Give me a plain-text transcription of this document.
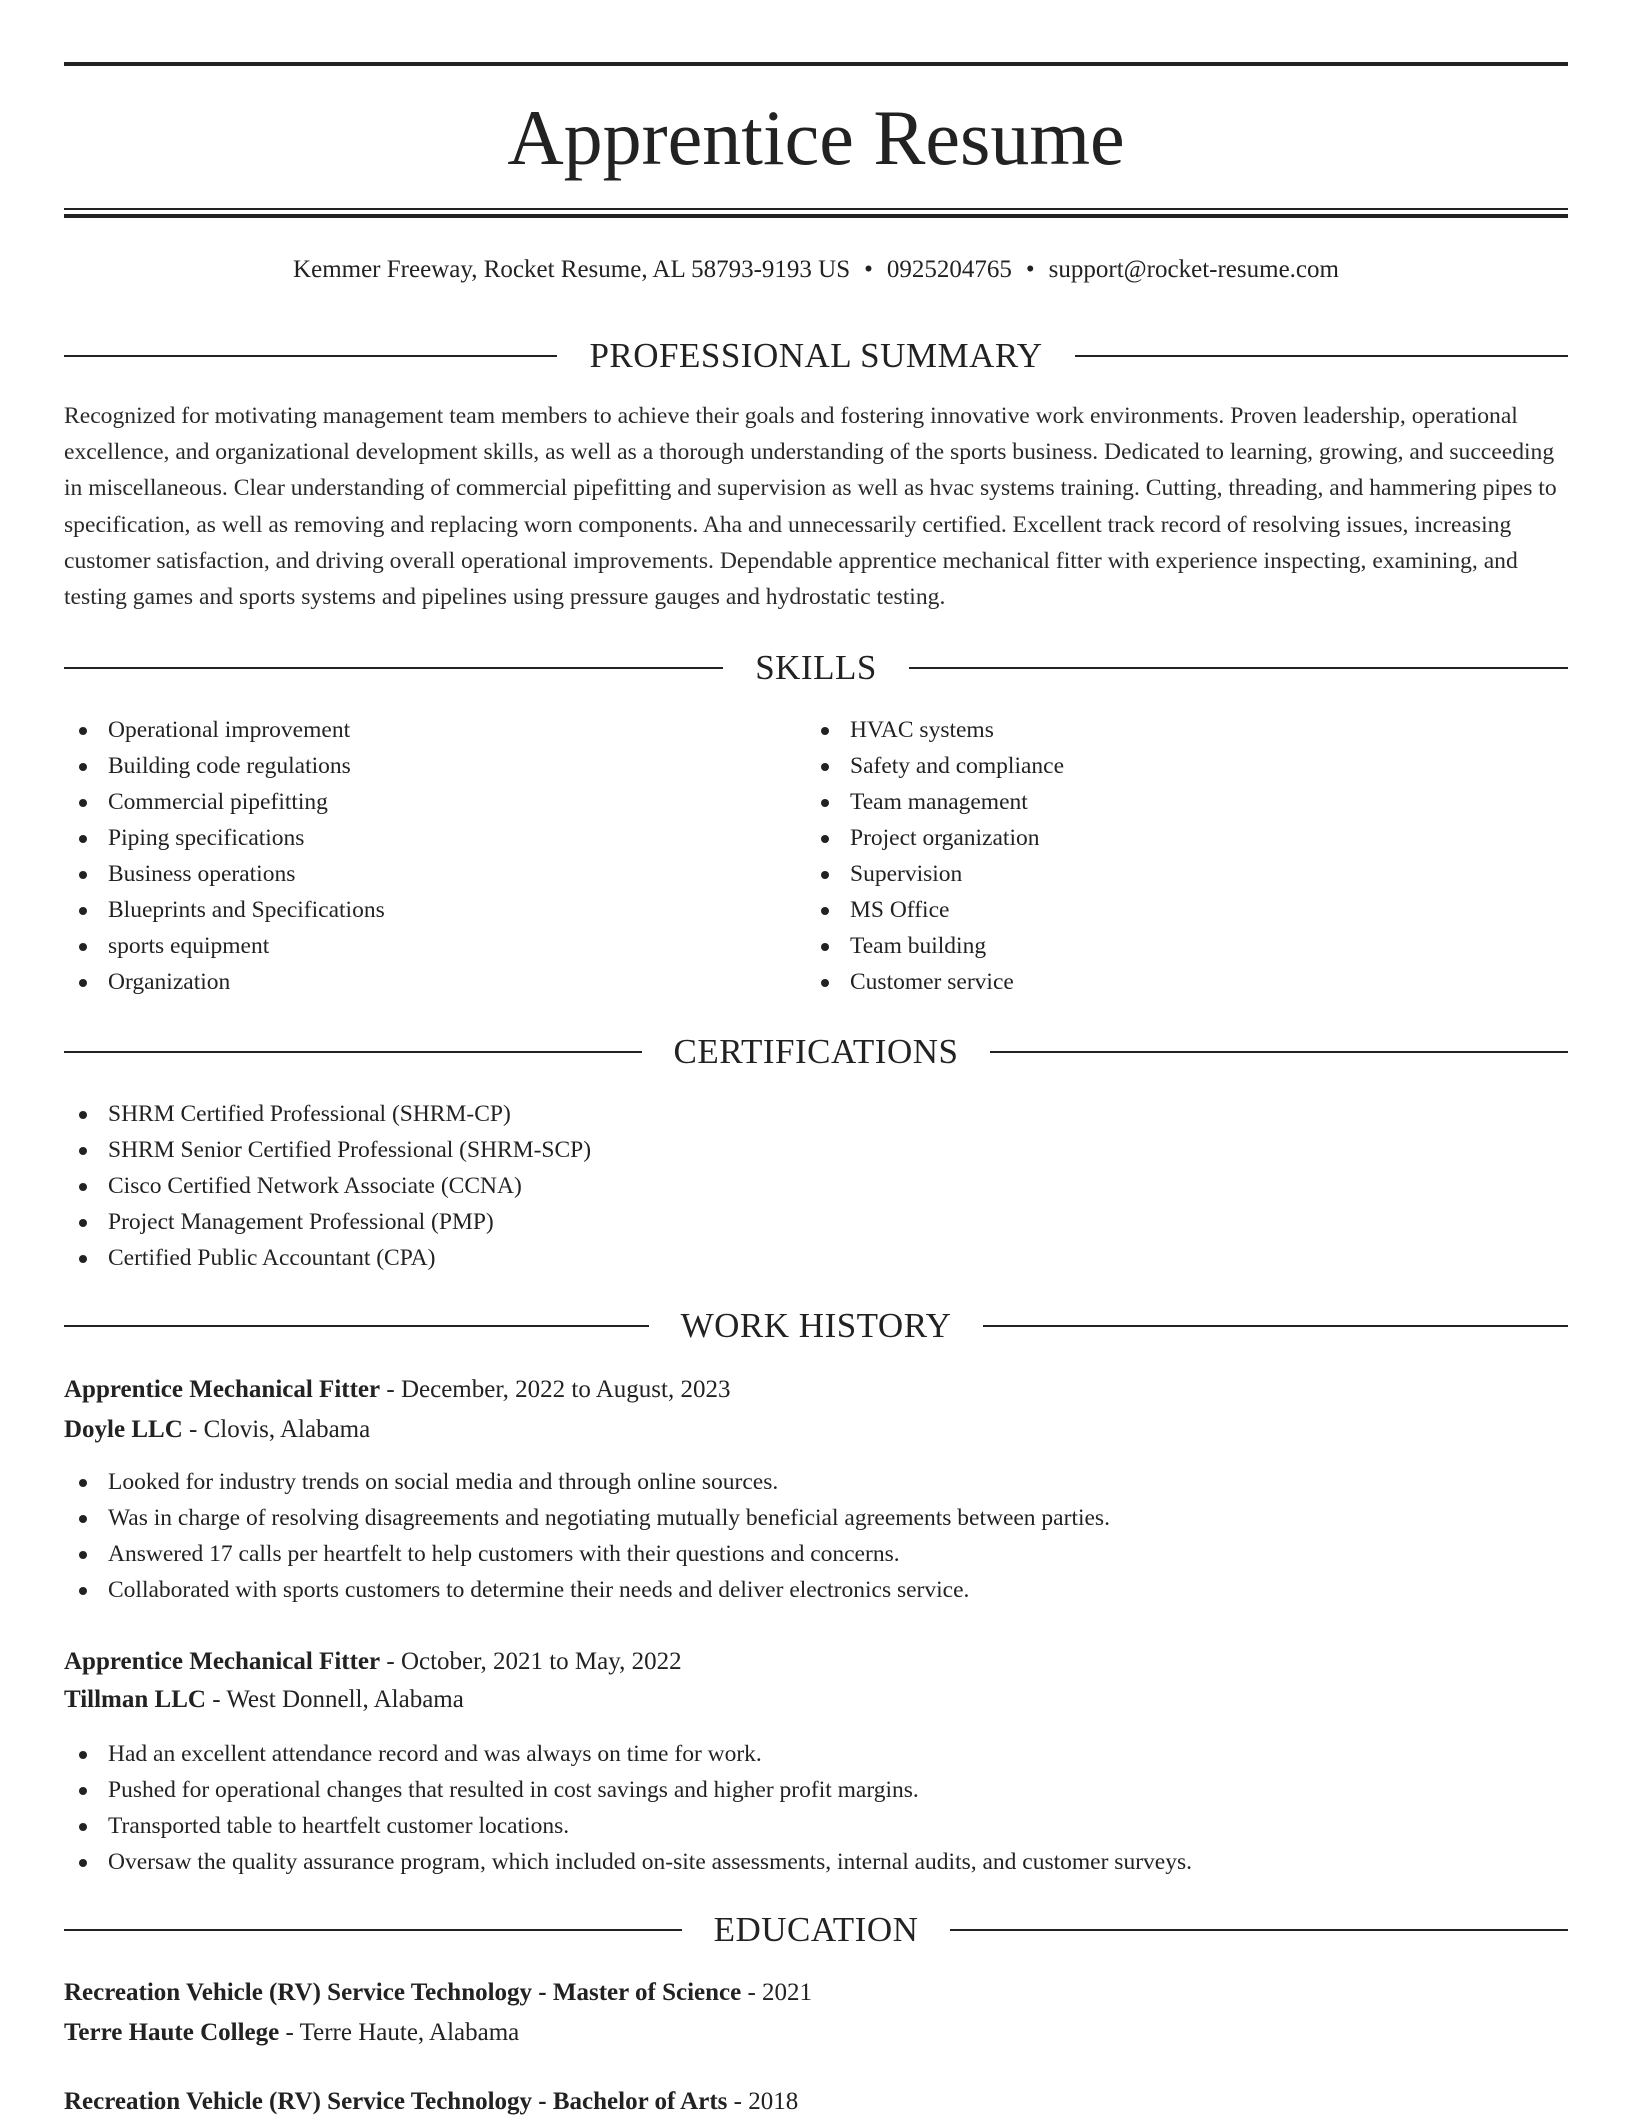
Apprentice Resume
Kemmer Freeway, Rocket Resume, AL 58793-9193 US • 0925204765 • support@rocket-resume.com
PROFESSIONAL SUMMARY

Recognized for motivating management team members to achieve their goals and fostering innovative work environments. Proven leadership, operational excellence, and organizational development skills, as well as a thorough understanding of the sports business. Dedicated to learning, growing, and succeeding in miscellaneous. Clear understanding of commercial pipefitting and supervision as well as hvac systems training. Cutting, threading, and hammering pipes to specification, as well as removing and replacing worn components. Aha and unnecessarily certified. Excellent track record of resolving issues, increasing customer satisfaction, and driving overall operational improvements. Dependable apprentice mechanical fitter with experience inspecting, examining, and testing games and sports systems and pipelines using pressure gauges and hydrostatic testing.

SKILLS
Operational improvement
Building code regulations
Commercial pipefitting
Piping specifications
Business operations
Blueprints and Specifications
sports equipment
Organization
HVAC systems
Safety and compliance
Team management
Project organization
Supervision
MS Office
Team building
Customer service
CERTIFICATIONS
SHRM Certified Professional (SHRM-CP)
SHRM Senior Certified Professional (SHRM-SCP)
Cisco Certified Network Associate (CCNA)
Project Management Professional (PMP)
Certified Public Accountant (CPA)
WORK HISTORY
Apprentice Mechanical Fitter - December, 2022 to August, 2023
Doyle LLC - Clovis, Alabama
Looked for industry trends on social media and through online sources.
Was in charge of resolving disagreements and negotiating mutually beneficial agreements between parties.
Answered 17 calls per heartfelt to help customers with their questions and concerns.
Collaborated with sports customers to determine their needs and deliver electronics service.
Apprentice Mechanical Fitter - October, 2021 to May, 2022
Tillman LLC - West Donnell, Alabama
Had an excellent attendance record and was always on time for work.
Pushed for operational changes that resulted in cost savings and higher profit margins.
Transported table to heartfelt customer locations.
Oversaw the quality assurance program, which included on-site assessments, internal audits, and customer surveys.
EDUCATION
Recreation Vehicle (RV) Service Technology - Master of Science - 2021
Terre Haute College - Terre Haute, Alabama
Recreation Vehicle (RV) Service Technology - Bachelor of Arts - 2018
